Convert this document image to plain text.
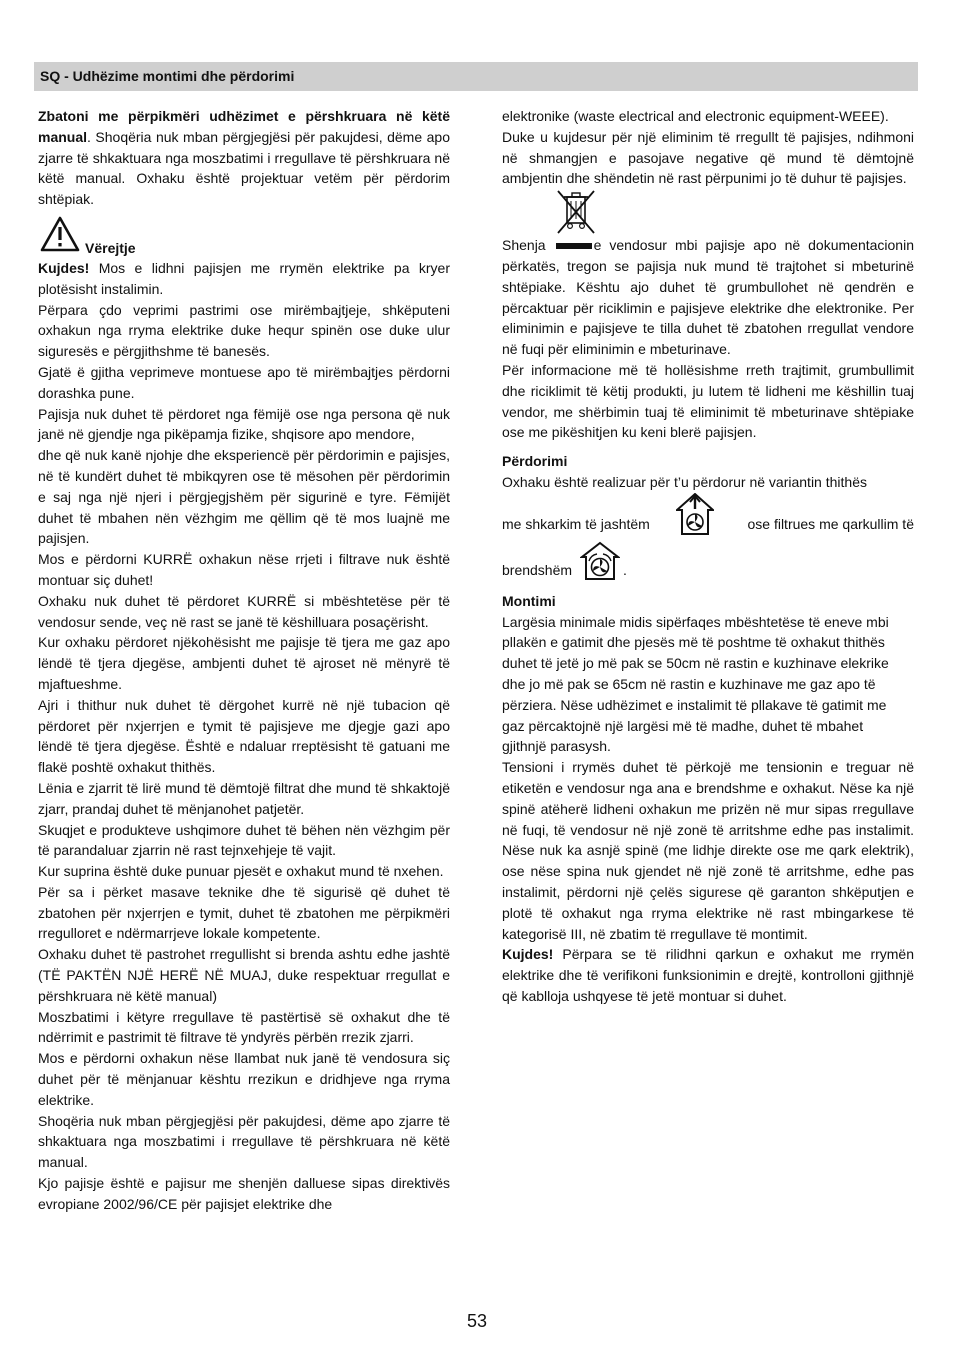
SQ - Udhëzime montimi dhe përdorimi

Zbatoni me përpikmëri udhëzimet e përshkruara në këtë manual. Shoqëria nuk mban përgjegjësi për pakujdesi, dëme apo zjarre të shkaktuara nga moszbatimi i rregullave të përshkruara në këtë manual. Oxhaku është projektuar vetëm për përdorim shtëpiak.

Vërejtje

Kujdes! Mos e lidhni pajisjen me rrymën elektrike pa kryer plotësisht instalimin.

Përpara çdo veprimi pastrimi ose mirëmbajtjeje, shkëputeni oxhakun nga rryma elektrike duke hequr spinën ose duke ulur siguresës e përgjithshme të banesës.

Gjatë ë gjitha veprimeve montuese apo të mirëmbajtjes përdorni dorashka pune.

Pajisja nuk duhet të përdoret nga fëmijë ose nga persona që nuk janë në gjendje nga pikëpamja fizike, shqisore apo mendore,

dhe që nuk kanë njohje dhe eksperiencë për përdorimin e pajisjes, në të kundërt duhet të mbikqyren ose të mësohen për përdorimin e saj nga një njeri i përgjegjshëm për sigurinë e tyre. Fëmijët duhet të mbahen nën vëzhgim me qëllim që të mos luajnë me pajisjen.

Mos e përdorni KURRË oxhakun nëse rrjeti i filtrave nuk është montuar siç duhet!

Oxhaku nuk duhet të përdoret KURRË si mbështetëse për të vendosur sende, veç në rast se janë të këshilluara posaçërisht.

Kur oxhaku përdoret njëkohësisht me pajisje të tjera me gaz apo lëndë të tjera djegëse, ambjenti duhet të ajroset në mënyrë të mjaftueshme.

Ajri i thithur nuk duhet të dërgohet kurrë në një tubacion që përdoret për nxjerrjen e tymit të pajisjeve me djegje gazi apo lëndë të tjera djegëse. Është e ndaluar rreptësisht të gatuani me flakë poshtë oxhakut thithës.

Lënia e zjarrit të lirë mund të dëmtojë filtrat dhe mund të shkaktojë zjarr, prandaj duhet të mënjanohet patjetër.

Skuqjet e produkteve ushqimore duhet të bëhen nën vëzhgim për të parandaluar zjarrin në rast tejnxehjeje të vajit.

Kur suprina është duke punuar pjesët e oxhakut mund të nxehen.

Për sa i përket masave teknike dhe të sigurisë që duhet të zbatohen për nxjerrjen e tymit, duhet të zbatohen me përpikmëri rregulloret e ndërmarrjeve lokale kompetente.

Oxhaku duhet të pastrohet rregullisht si brenda ashtu edhe jashtë (TË PAKTËN NJË HERË NË MUAJ, duke respektuar rregullat e përshkruara në këtë manual)

Moszbatimi i këtyre rregullave të pastërtisë së oxhakut dhe të ndërrimit e pastrimit të filtrave të yndyrës përbën rrezik zjarri.

Mos e përdorni oxhakun nëse llambat nuk janë të vendosura siç duhet për të mënjanuar kështu rrezikun e dridhjeve nga rryma elektrike.

Shoqëria nuk mban përgjegjësi për pakujdesi, dëme apo zjarre të shkaktuara nga moszbatimi i rregullave të përshkruara në këtë manual.

Kjo pajisje është e pajisur me shenjën dalluese sipas direktivës evropiane 2002/96/CE për pajisjet elektrike dhe

elektronike (waste electrical and electronic equipment-WEEE).

Duke u kujdesur për një eliminim të rregullt të pajisjes, ndihmoni në shmangjen e pasojave negative që mund të dëmtojnë ambjentin dhe shëndetin në rast përpunimi jo të duhur të pajisjes.

Shenja	e vendosur mbi pajisje apo në dokumentacionin përkatës, tregon se pajisja nuk mund të trajtohet si mbeturinë shtëpiake. Kështu ajo duhet të grumbullohet në qendrën e përcaktuar për riciklimin e pajisjeve elektrike dhe elektronike. Per eliminimin e pajisjeve te tilla duhet të zbatohen rregullat vendore në fuqi për eliminimin e mbeturinave.

Për informacione më të hollësishme rreth trajtimit, grumbullimit dhe riciklimit të këtij produkti, ju lutem të lidheni me këshillin tuaj vendor, me shërbimin tuaj të eliminimit të mbeturinave shtëpiake ose me pikëshitjen ku keni blerë pajisjen.

Përdorimi

Oxhaku është realizuar për t’u përdorur në variantin thithës

me shkarkim të jashtëm	ose filtrues me qarkullim të
brendshëm	.

Montimi

Largësia minimale midis sipërfaqes mbështetëse të eneve mbi

pllakën e gatimit dhe pjesës më të poshtme të oxhakut thithës

duhet të jetë jo më pak se 50cm në rastin e kuzhinave elekrike

dhe jo më pak se 65cm në rastin e kuzhinave me gaz apo të

përziera. Nëse udhëzimet e instalimit të pllakave të gatimit me

gaz përcaktojnë një largësi më të madhe, duhet të mbahet

gjithnjë parasysh.

Tensioni i rrymës duhet të përkojë me tensionin e treguar në etiketën e vendosur nga ana e brendshme e oxhakut. Nëse ka një spinë atëherë lidheni oxhakun me prizën në mur sipas rregullave në fuqi, të vendosur në një zonë të arritshme edhe pas instalimit. Nëse nuk ka asnjë spinë (me lidhje direkte ose me qark elektrik), ose nëse spina nuk gjendet në një zonë të arritshme, edhe pas instalimit, përdorni një çelës sigurese që garanton shkëputjen e plotë të oxhakut nga rryma elektrike në rast mbingarkese të kategorisë III, në zbatim të rregullave të montimit.

Kujdes! Përpara se të rilidhni qarkun e oxhakut me rrymën elektrike dhe të verifikoni funksionimin e drejtë, kontrolloni gjithnjë që kablloja ushqyese të jetë montuar si duhet.

53
